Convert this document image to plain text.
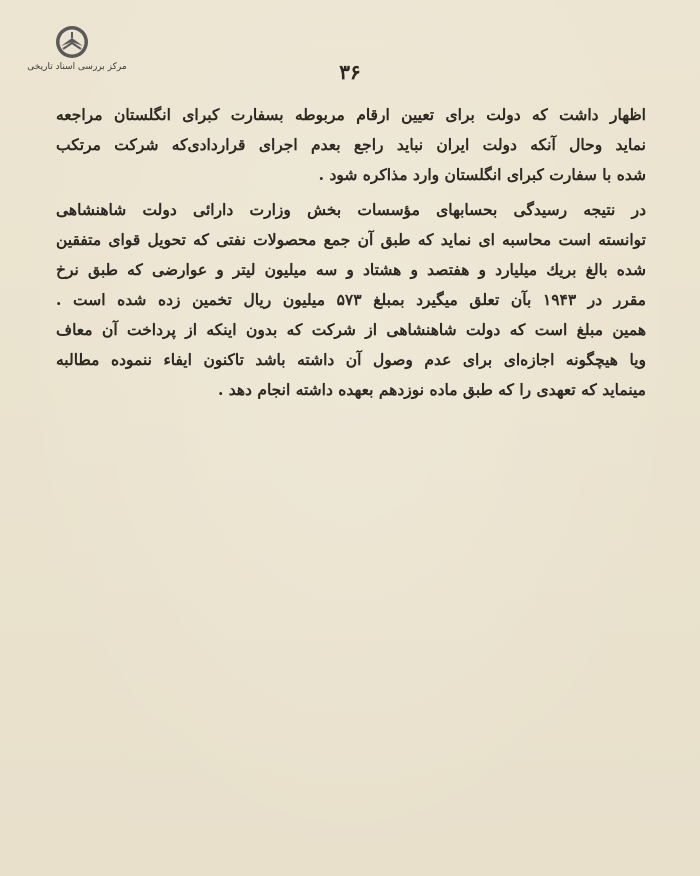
مرکز بررسی اسناد تاریخی	۳۶
اظهار داشت که دولت برای تعیین ارقام مربوطه بسفارت کبرای انگلستان مراجعه
نماید وحال آنکه دولت ایران نباید راجع بعدم اجرای قراردادی‌که شرکت مرتکب
شده با سفارت کبرای انگلستان وارد مذاکره شود .
در نتیجه رسیدگی بحسابهای مؤسسات بخش وزارت دارائی دولت شاهنشاهی
توانسته است محاسبه ای نماید که طبق آن جمع محصولات نفتی که تحویل قوای متفقین
شده بالغ بریك میلیارد و هفتصد و هشتاد و سه میلیون لیتر و عوارضی که طبق نرخ
مقرر در ۱۹۴۳ بآن تعلق میگیرد بمبلغ ۵۷۳ میلیون ریال تخمین زده شده است .
همین مبلغ است که دولت شاهنشاهی از شرکت که بدون اینکه از پرداخت آن معاف
ویا هیچگونه اجازه‌ای برای عدم وصول آن داشته باشد تاکنون ایفاء ننموده مطالبه
مینماید که تعهدی را که طبق ماده نوزدهم بعهده داشته انجام دهد .
